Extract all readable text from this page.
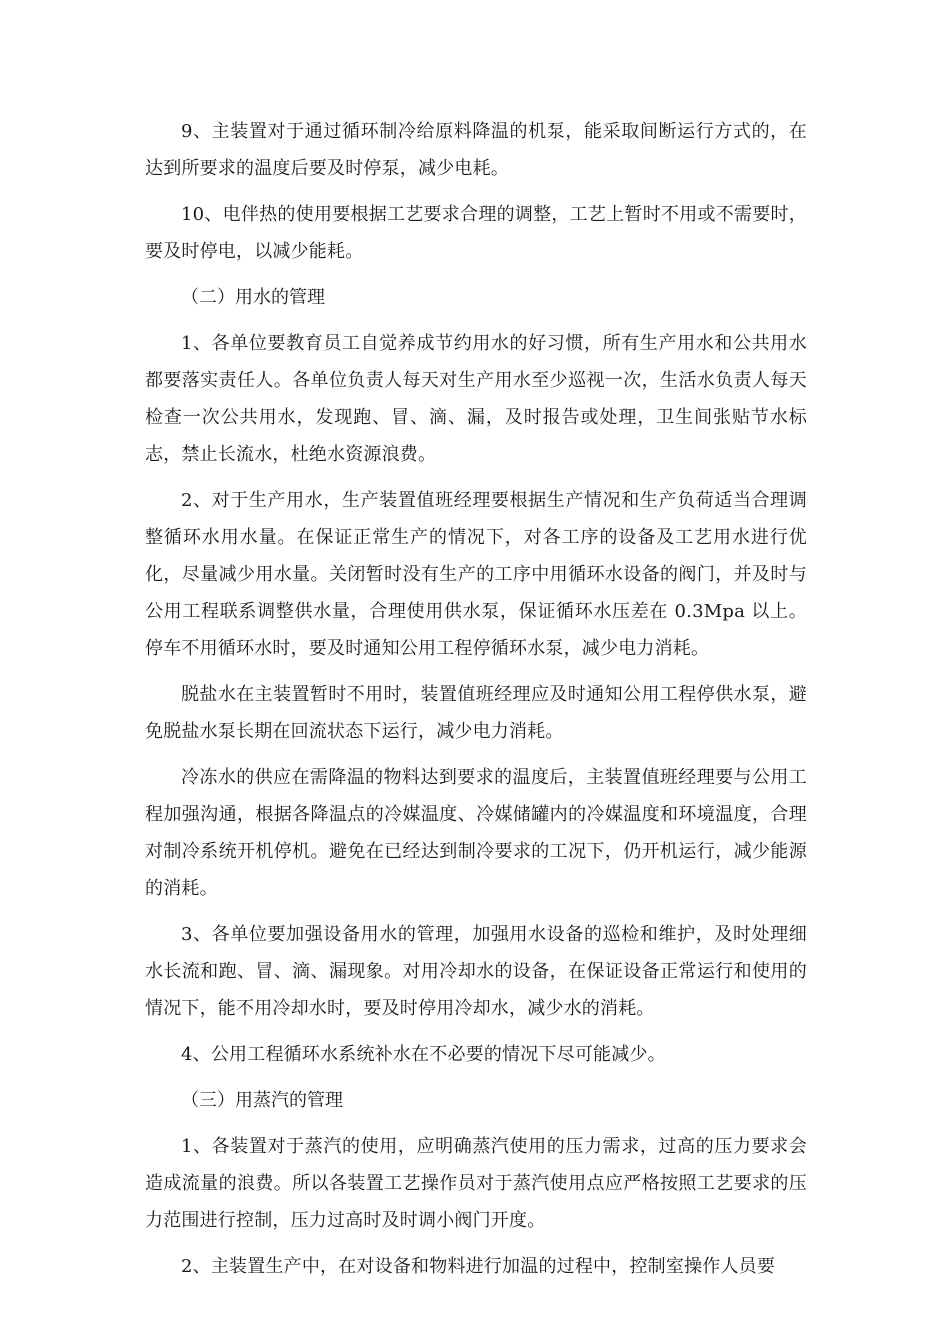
9、主装置对于通过循环制冷给原料降温的机泵，能采取间断运行方式的，在达到所要求的温度后要及时停泵，减少电耗。

10、电伴热的使用要根据工艺要求合理的调整，工艺上暂时不用或不需要时，要及时停电，以减少能耗。

（二）用水的管理

1、各单位要教育员工自觉养成节约用水的好习惯，所有生产用水和公共用水都要落实责任人。各单位负责人每天对生产用水至少巡视一次，生活水负责人每天检查一次公共用水，发现跑、冒、滴、漏，及时报告或处理，卫生间张贴节水标志，禁止长流水，杜绝水资源浪费。

2、对于生产用水，生产装置值班经理要根据生产情况和生产负荷适当合理调整循环水用水量。在保证正常生产的情况下，对各工序的设备及工艺用水进行优化，尽量减少用水量。关闭暂时没有生产的工序中用循环水设备的阀门，并及时与公用工程联系调整供水量，合理使用供水泵，保证循环水压差在 0.3Mpa 以上。停车不用循环水时，要及时通知公用工程停循环水泵，减少电力消耗。

脱盐水在主装置暂时不用时，装置值班经理应及时通知公用工程停供水泵，避免脱盐水泵长期在回流状态下运行，减少电力消耗。

冷冻水的供应在需降温的物料达到要求的温度后，主装置值班经理要与公用工程加强沟通，根据各降温点的冷媒温度、冷媒储罐内的冷媒温度和环境温度，合理对制冷系统开机停机。避免在已经达到制冷要求的工况下，仍开机运行，减少能源的消耗。

3、各单位要加强设备用水的管理，加强用水设备的巡检和维护，及时处理细水长流和跑、冒、滴、漏现象。对用冷却水的设备，在保证设备正常运行和使用的情况下，能不用冷却水时，要及时停用冷却水，减少水的消耗。

4、公用工程循环水系统补水在不必要的情况下尽可能减少。

（三）用蒸汽的管理

1、各装置对于蒸汽的使用，应明确蒸汽使用的压力需求，过高的压力要求会造成流量的浪费。所以各装置工艺操作员对于蒸汽使用点应严格按照工艺要求的压力范围进行控制，压力过高时及时调小阀门开度。

2、主装置生产中，在对设备和物料进行加温的过程中，控制室操作人员要
